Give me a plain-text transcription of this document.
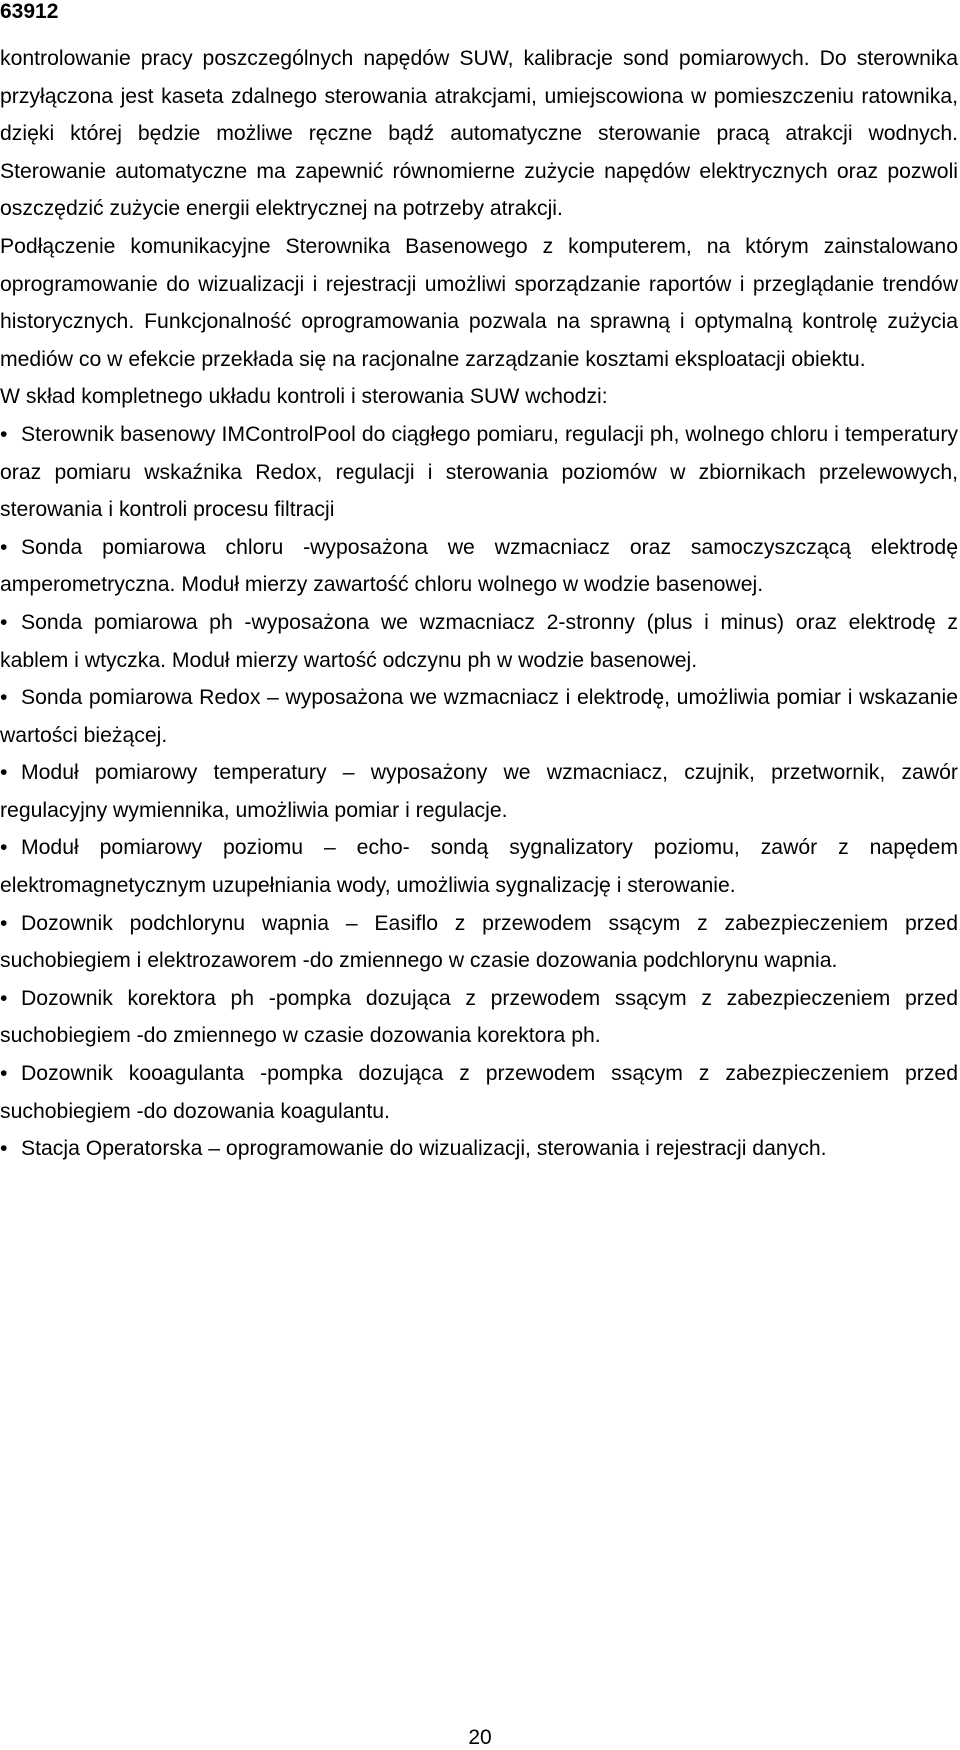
63912

kontrolowanie pracy poszczególnych napędów SUW, kalibracje sond pomiarowych. Do sterownika przyłączona jest kaseta zdalnego sterowania atrakcjami, umiejscowiona w pomieszczeniu ratownika, dzięki której będzie możliwe ręczne bądź automatyczne sterowanie pracą atrakcji wodnych. Sterowanie automatyczne ma zapewnić równomierne zużycie napędów elektrycznych oraz pozwoli oszczędzić zużycie energii elektrycznej na potrzeby atrakcji.

Podłączenie komunikacyjne Sterownika Basenowego z komputerem, na którym zainstalowano oprogramowanie do wizualizacji i rejestracji umożliwi sporządzanie raportów i przeglądanie trendów historycznych. Funkcjonalność oprogramowania pozwala na sprawną i optymalną kontrolę zużycia mediów co w efekcie przekłada się na racjonalne zarządzanie kosztami eksploatacji obiektu.

W skład kompletnego układu kontroli i sterowania SUW wchodzi:

• Sterownik basenowy IMControlPool do ciągłego pomiaru, regulacji ph, wolnego chloru i temperatury oraz pomiaru wskaźnika Redox, regulacji i sterowania poziomów w zbiornikach przelewowych, sterowania i kontroli procesu filtracji
• Sonda pomiarowa chloru -wyposażona we wzmacniacz oraz samoczyszczącą elektrodę amperometryczna. Moduł mierzy zawartość chloru wolnego w wodzie basenowej.
• Sonda pomiarowa ph -wyposażona we wzmacniacz 2-stronny (plus i minus) oraz elektrodę z kablem i wtyczka. Moduł mierzy wartość odczynu ph w wodzie basenowej.
• Sonda pomiarowa Redox – wyposażona we wzmacniacz i elektrodę, umożliwia pomiar i wskazanie wartości bieżącej.
• Moduł pomiarowy temperatury – wyposażony we wzmacniacz, czujnik, przetwornik, zawór regulacyjny wymiennika, umożliwia pomiar i regulacje.
• Moduł pomiarowy poziomu – echo- sondą sygnalizatory poziomu, zawór z napędem elektromagnetycznym uzupełniania wody, umożliwia sygnalizację i sterowanie.
• Dozownik podchlorynu wapnia – Easiflo z przewodem ssącym z zabezpieczeniem przed suchobiegiem i elektrozaworem -do zmiennego w czasie dozowania podchlorynu wapnia.
• Dozownik korektora ph -pompka dozująca z przewodem ssącym z zabezpieczeniem przed suchobiegiem -do zmiennego w czasie dozowania korektora ph.
• Dozownik kooagulanta -pompka dozująca z przewodem ssącym z zabezpieczeniem przed suchobiegiem -do dozowania koagulantu.
• Stacja Operatorska – oprogramowanie do wizualizacji, sterowania i rejestracji danych.
20
